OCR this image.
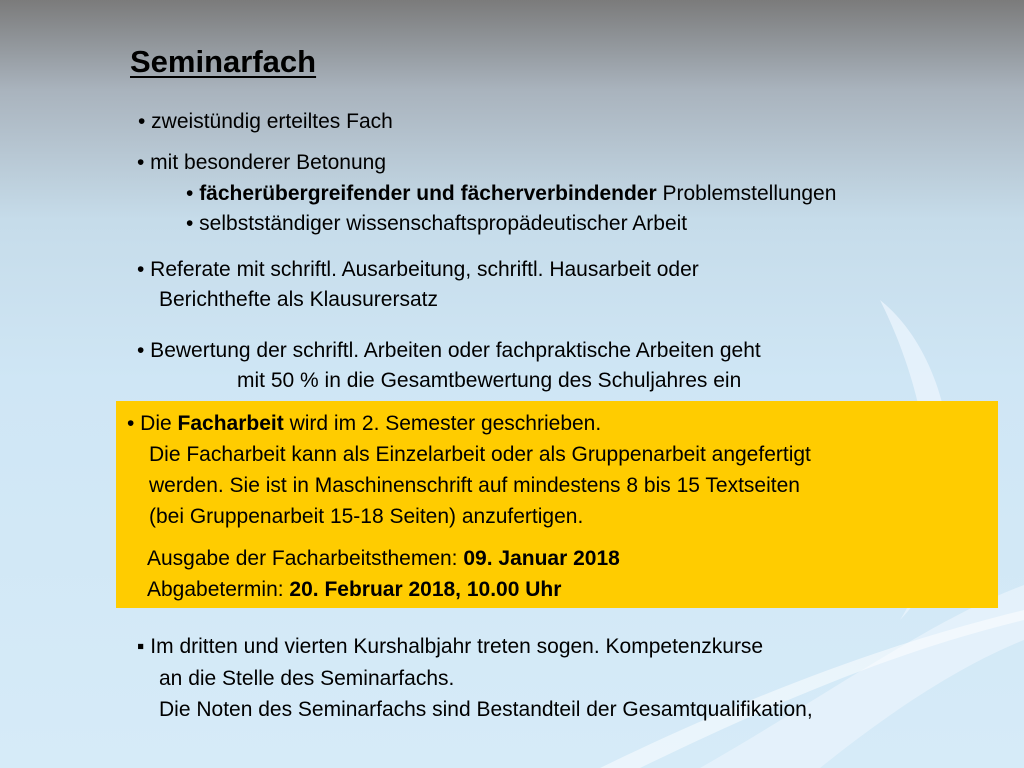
Seminarfach
• zweistündig erteiltes Fach
• mit besonderer Betonung
• fächerübergreifender und fächerverbindender Problemstellungen
• selbstständiger wissenschaftspropädeutischer Arbeit
• Referate mit schriftl. Ausarbeitung, schriftl. Hausarbeit oder
Berichthefte als Klausurersatz
• Bewertung der schriftl. Arbeiten oder fachpraktische Arbeiten geht
mit 50 % in die Gesamtbewertung des Schuljahres ein
• Die Facharbeit wird im 2. Semester geschrieben.
Die Facharbeit kann als Einzelarbeit oder als Gruppenarbeit angefertigt
werden. Sie ist in Maschinenschrift auf mindestens 8 bis 15 Textseiten
(bei Gruppenarbeit 15-18 Seiten) anzufertigen.
Ausgabe der Facharbeitsthemen: 09. Januar 2018
Abgabetermin: 20. Februar 2018, 10.00 Uhr
▪ Im dritten und vierten Kurshalbjahr treten sogen. Kompetenzkurse
an die Stelle des Seminarfachs.
Die Noten des Seminarfachs sind Bestandteil der Gesamtqualifikation,
